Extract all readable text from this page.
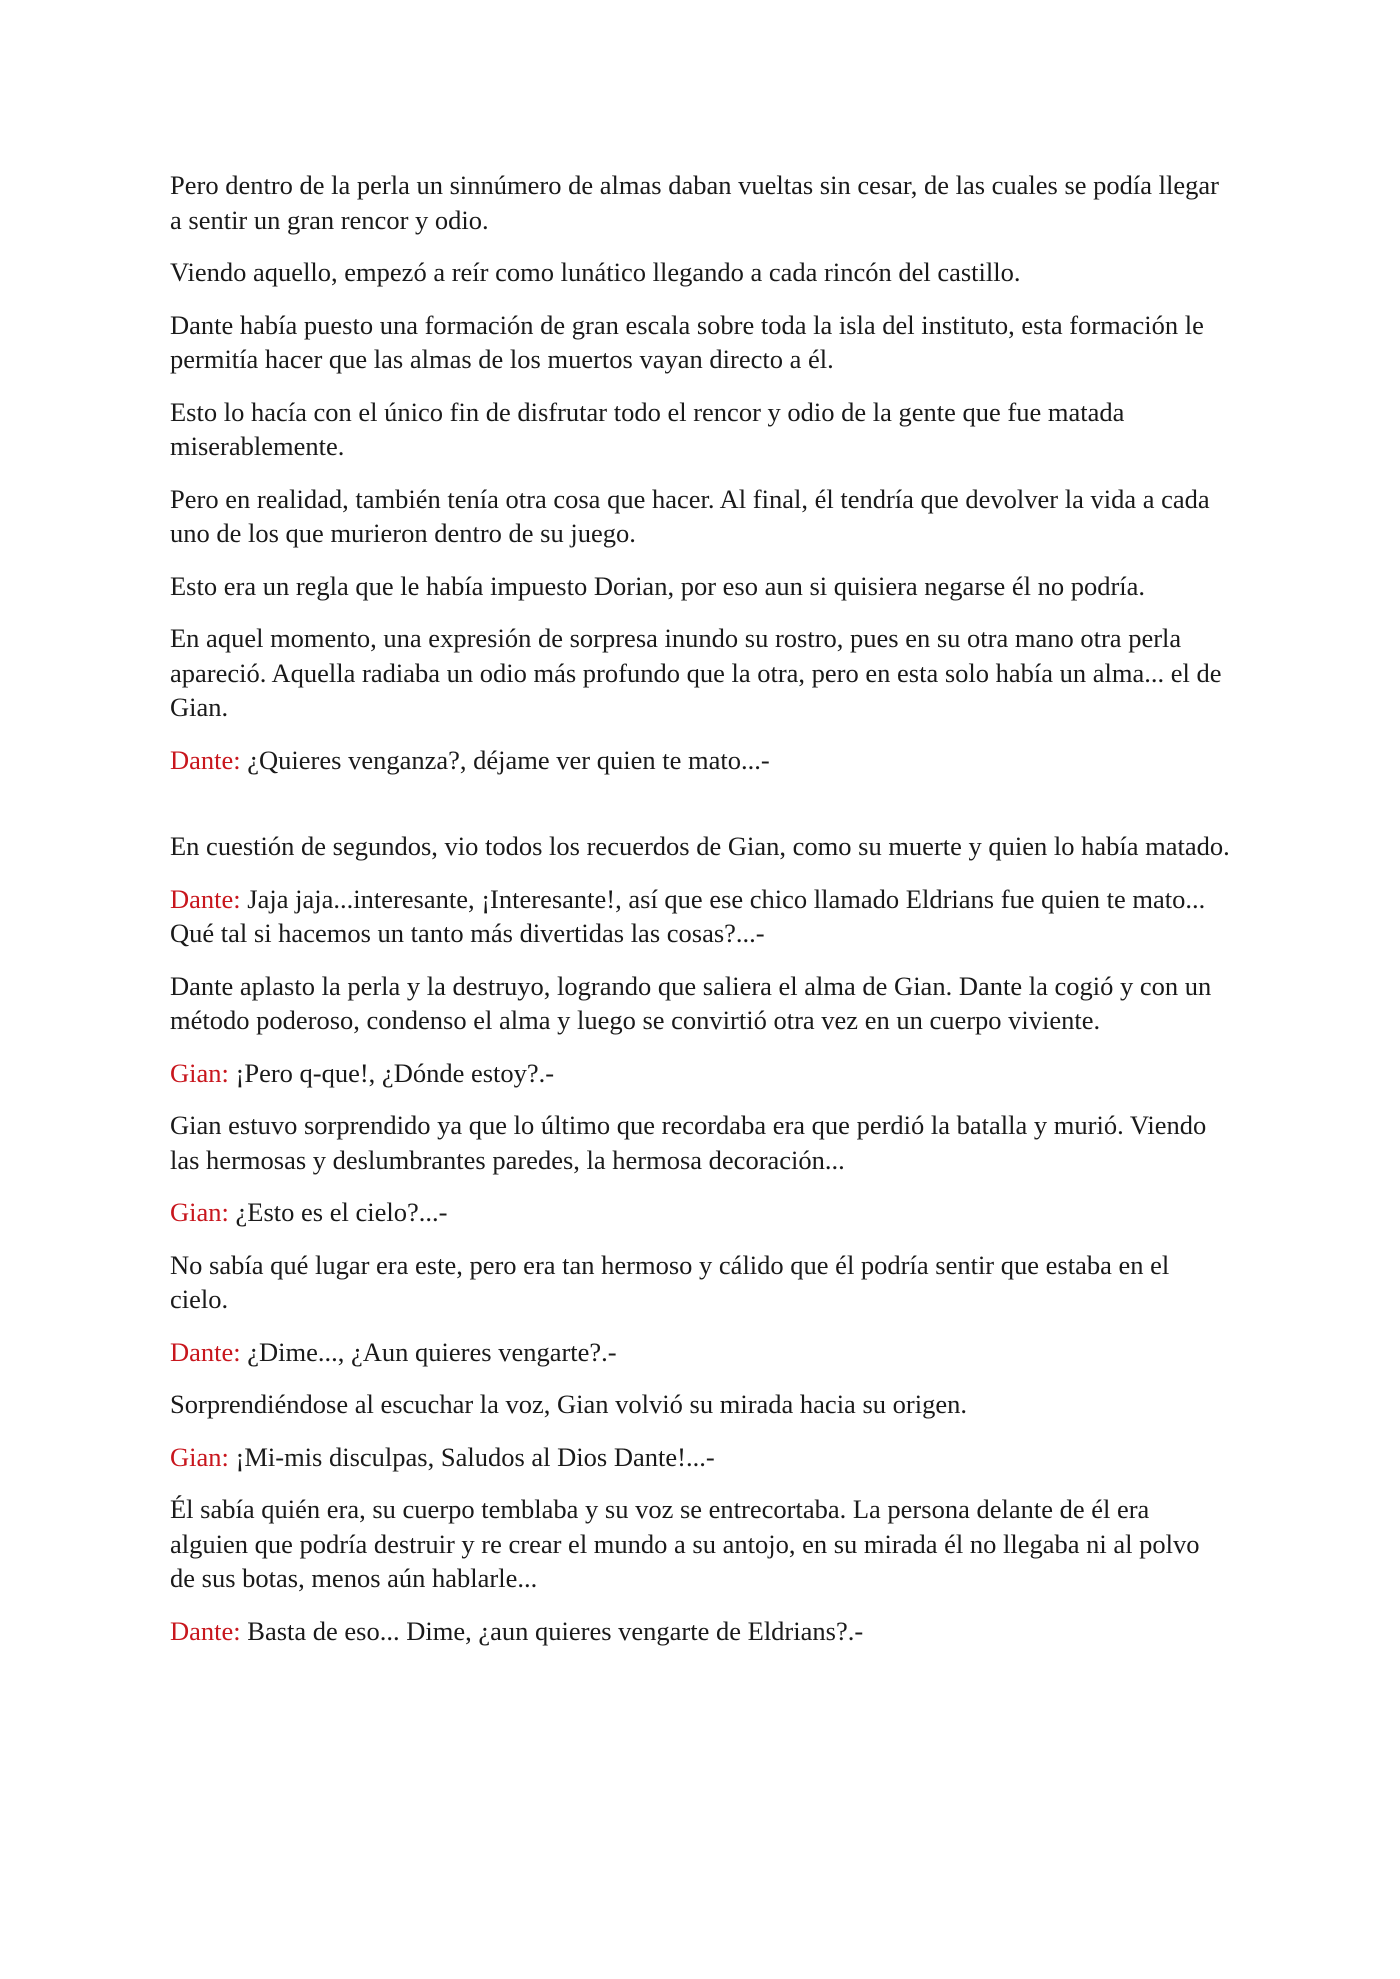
Pero dentro de la perla un sinnúmero de almas daban vueltas sin cesar, de las cuales se podía llegar a sentir un gran rencor y odio.

Viendo aquello, empezó a reír como lunático llegando a cada rincón del castillo.

Dante había puesto una formación de gran escala sobre toda la isla del instituto, esta formación le permitía hacer que las almas de los muertos vayan directo a él.

Esto lo hacía con el único fin de disfrutar todo el rencor y odio de la gente que fue matada miserablemente.

Pero en realidad, también tenía otra cosa que hacer. Al final, él tendría que devolver la vida a cada uno de los que murieron dentro de su juego.

Esto era un regla que le había impuesto Dorian, por eso aun si quisiera negarse él no podría.

En aquel momento, una expresión de sorpresa inundo su rostro, pues en su otra mano otra perla apareció. Aquella radiaba un odio más profundo que la otra, pero en esta solo había un alma... el de Gian.

Dante: ¿Quieres venganza?, déjame ver quien te mato...-

En cuestión de segundos, vio todos los recuerdos de Gian, como su muerte y quien lo había matado.

Dante: Jaja jaja...interesante, ¡Interesante!, así que ese chico llamado Eldrians fue quien te mato... Qué tal si hacemos un tanto más divertidas las cosas?...-

Dante aplasto la perla y la destruyo, logrando que saliera el alma de Gian. Dante la cogió y con un método poderoso, condenso el alma y luego se convirtió otra vez en un cuerpo viviente.

Gian: ¡Pero q-que!, ¿Dónde estoy?.-

Gian estuvo sorprendido ya que lo último que recordaba era que perdió la batalla y murió. Viendo las hermosas y deslumbrantes paredes, la hermosa decoración...

Gian: ¿Esto es el cielo?...-

No sabía qué lugar era este, pero era tan hermoso y cálido que él podría sentir que estaba en el cielo.

Dante: ¿Dime..., ¿Aun quieres vengarte?.-

Sorprendiéndose al escuchar la voz, Gian volvió su mirada hacia su origen.

Gian: ¡Mi-mis disculpas, Saludos al Dios Dante!...-

Él sabía quién era, su cuerpo temblaba y su voz se entrecortaba. La persona delante de él era alguien que podría destruir y re crear el mundo a su antojo, en su mirada él no llegaba ni al polvo de sus botas, menos aún hablarle...

Dante: Basta de eso... Dime, ¿aun quieres vengarte de Eldrians?.-
